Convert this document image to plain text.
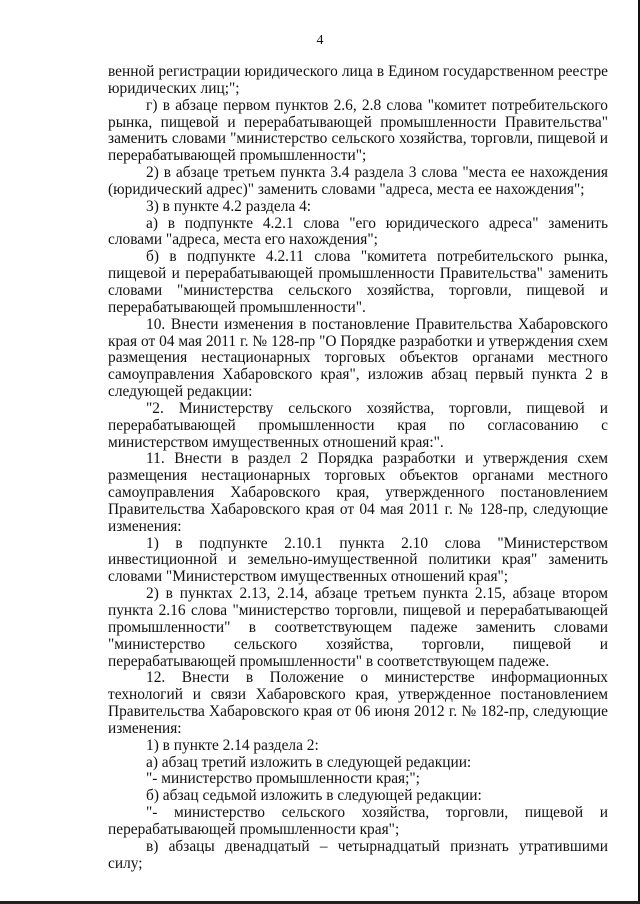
4

венной регистрации юридического лица в Едином государственном реестре юридических лиц;";

г) в абзаце первом пунктов 2.6, 2.8 слова "комитет потребительского рынка, пищевой и перерабатывающей промышленности Правительства" заменить словами "министерство сельского хозяйства, торговли, пищевой и перерабатывающей промышленности";

2) в абзаце третьем пункта 3.4 раздела 3 слова "места ее нахождения (юридический адрес)" заменить словами "адреса, места ее нахождения";

3) в пункте 4.2 раздела 4:

а) в подпункте 4.2.1 слова "его юридического адреса" заменить словами "адреса, места его нахождения";

б) в подпункте 4.2.11 слова "комитета потребительского рынка, пищевой и перерабатывающей промышленности Правительства" заменить словами "министерства сельского хозяйства, торговли, пищевой и перерабатывающей промышленности".

10. Внести изменения в постановление Правительства Хабаровского края от 04 мая 2011 г. № 128-пр "О Порядке разработки и утверждения схем размещения нестационарных торговых объектов органами местного самоуправления Хабаровского края", изложив абзац первый пункта 2 в следующей редакции:

"2. Министерству сельского хозяйства, торговли, пищевой и перерабатывающей промышленности края по согласованию с министерством имущественных отношений края:".

11. Внести в раздел 2 Порядка разработки и утверждения схем размещения нестационарных торговых объектов органами местного самоуправления Хабаровского края, утвержденного постановлением Правительства Хабаровского края от 04 мая 2011 г. № 128-пр, следующие изменения:

1) в подпункте 2.10.1 пункта 2.10 слова "Министерством инвестиционной и земельно-имущественной политики края" заменить словами "Министерством имущественных отношений края";

2) в пунктах 2.13, 2.14, абзаце третьем пункта 2.15, абзаце втором пункта 2.16 слова "министерство торговли, пищевой и перерабатывающей промышленности" в соответствующем падеже заменить словами "министерство сельского хозяйства, торговли, пищевой и перерабатывающей промышленности" в соответствующем падеже.

12. Внести в Положение о министерстве информационных технологий и связи Хабаровского края, утвержденное постановлением Правительства Хабаровского края от 06 июня 2012 г. № 182-пр, следующие изменения:

1) в пункте 2.14 раздела 2:

а) абзац третий изложить в следующей редакции:

"- министерство промышленности края;";

б) абзац седьмой изложить в следующей редакции:

"- министерство сельского хозяйства, торговли, пищевой и перерабатывающей промышленности края";

в) абзацы двенадцатый – четырнадцатый признать утратившими силу;
